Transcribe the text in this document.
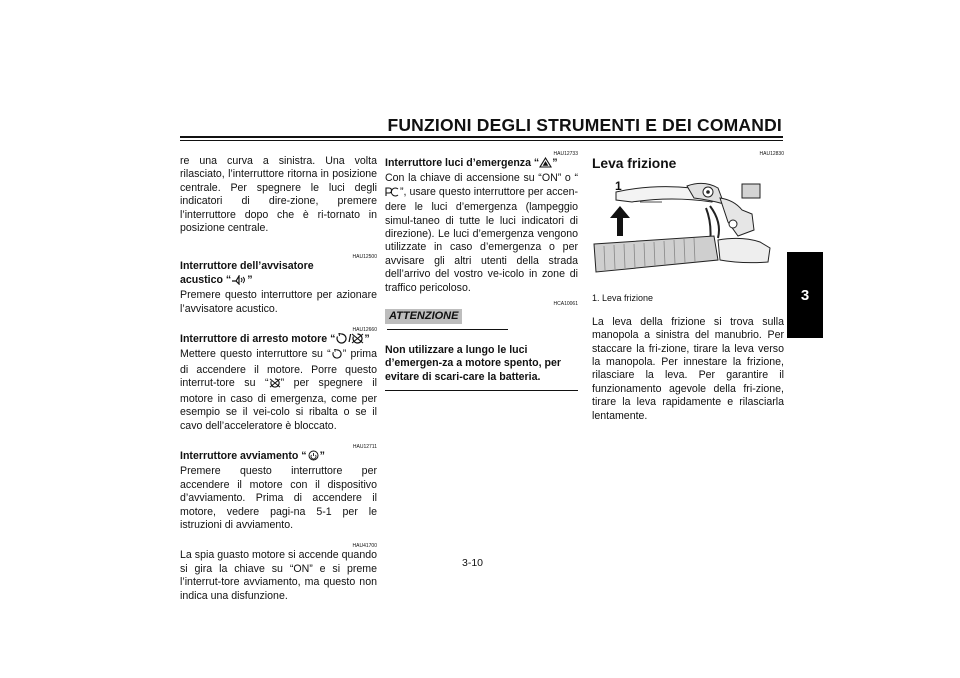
FUNZIONI DEGLI STRUMENTI E DEI COMANDI
3

re una curva a sinistra. Una volta rilasciato, l’interruttore ritorna in posizione centrale. Per spegnere le luci degli indicatori di dire-zione, premere l’interruttore dopo che è ri-tornato in posizione centrale.

HAU12500

Interruttore dell’avvisatore
acustico “ ”

Premere questo interruttore per azionare l’avvisatore acustico.

HAU12660

Interruttore di arresto motore “ / ”

Mettere questo interruttore su “ ” prima di accendere il motore. Porre questo interrut-tore su “ ” per spegnere il motore in caso di emergenza, come per esempio se il vei-colo si ribalta o se il cavo dell’acceleratore è bloccato.

HAU12711

Interruttore avviamento “ ”

Premere questo interruttore per accendere il motore con il dispositivo d’avviamento. Prima di accendere il motore, vedere pagi-na 5-1 per le istruzioni di avviamento.

HAU41700

La spia guasto motore si accende quando si gira la chiave su “ON” e si preme l’interrut-tore avviamento, ma questo non indica una disfunzione.

HAU12733

Interruttore luci d’emergenza “ ”

Con la chiave di accensione su “ON” o “”, usare questo interruttore per accen-dere le luci d’emergenza (lampeggio simul-taneo di tutte le luci indicatori di direzione). Le luci d’emergenza vengono utilizzate in caso d’emergenza o per avvisare gli altri utenti della strada dell’arrivo del vostro ve-icolo in zone di traffico pericoloso.

HCA10061
ATTENZIONE

Non utilizzare a lungo le luci d’emergen-za a motore spento, per evitare di scari-care la batteria.

HAU12830
Leva frizione
1
1. Leva frizione

La leva della frizione si trova sulla manopola a sinistra del manubrio. Per staccare la fri-zione, tirare la leva verso la manopola. Per innestare la frizione, rilasciare la leva. Per garantire il funzionamento agevole della fri-zione, tirare la leva rapidamente e rilasciarla lentamente.

3-10
